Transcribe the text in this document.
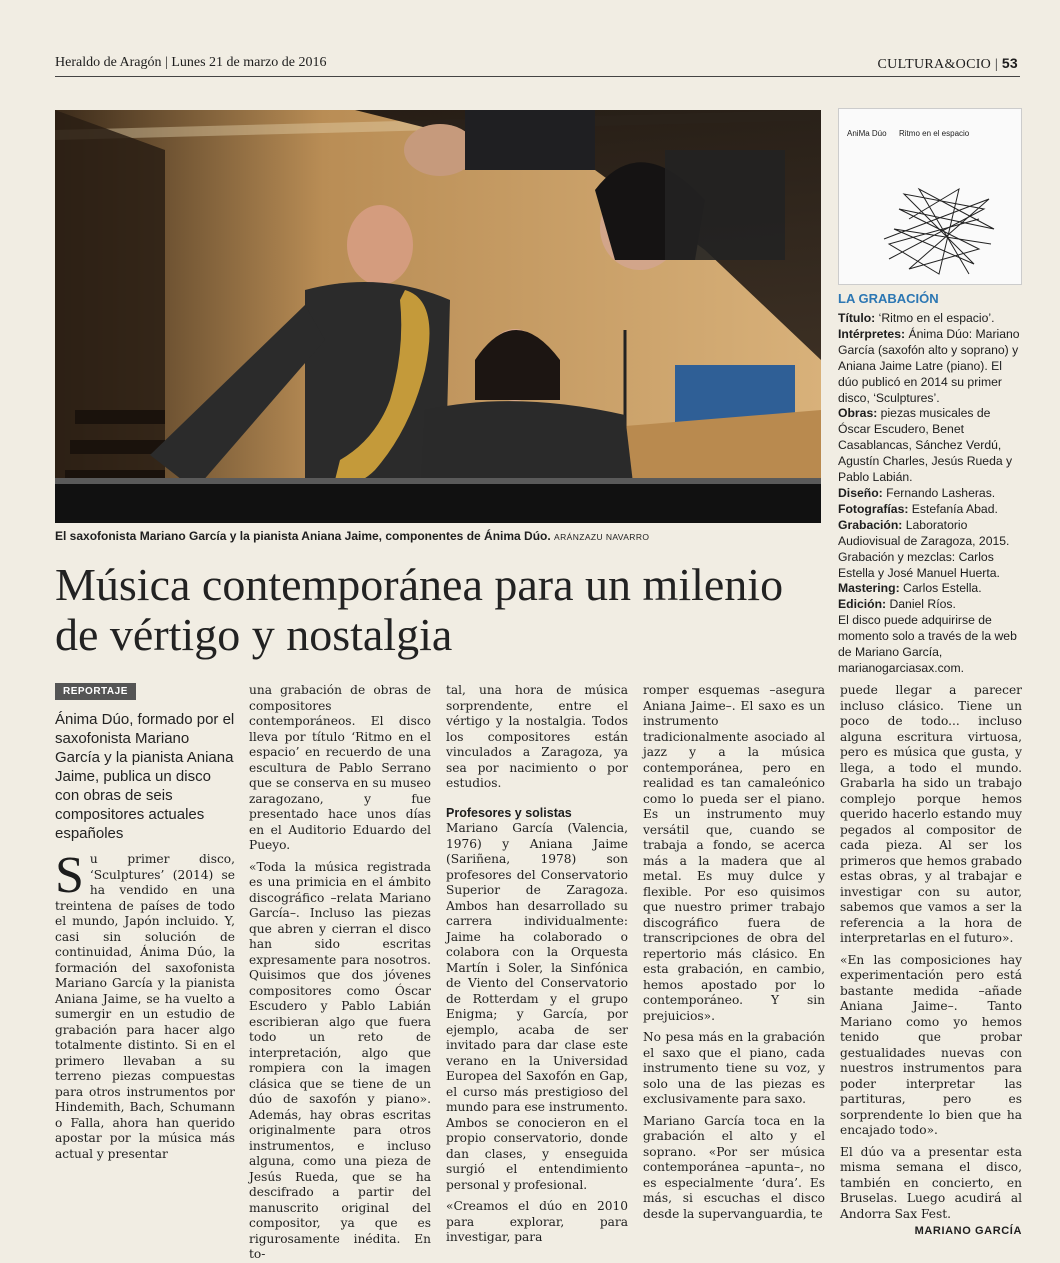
Heraldo de Aragón | Lunes 21 de marzo de 2016	CULTURA&OCIO | 53
El saxofonista Mariano García y la pianista Aniana Jaime, componentes de Ánima Dúo. ARÁNZAZU NAVARRO
Música contemporánea para un milenio de vértigo y nostalgia
AniMa Dúo Ritmo en el espacio
LA GRABACIÓN

Título: ‘Ritmo en el espacio’.

Intérpretes: Ánima Dúo: Mariano García (saxofón alto y soprano) y Aniana Jaime Latre (piano). El dúo publicó en 2014 su primer disco, ‘Sculptures’.

Obras: piezas musicales de Óscar Escudero, Benet Casablancas, Sánchez Verdú, Agustín Charles, Jesús Rueda y Pablo Labián.

Diseño: Fernando Lasheras.

Fotografías: Estefanía Abad.

Grabación: Laboratorio Audiovisual de Zaragoza, 2015. Grabación y mezclas: Carlos Estella y José Manuel Huerta.

Mastering: Carlos Estella.

Edición: Daniel Ríos.

El disco puede adquirirse de momento solo a través de la web de Mariano García, marianogarciasax.com.

REPORTAJE
Ánima Dúo, formado por el saxofonista Mariano García y la pianista Aniana Jaime, publica un disco con obras de seis compositores actuales españoles

Su primer disco, ‘Sculptures’ (2014) se ha vendido en una treintena de países de todo el mundo, Japón incluido. Y, casi sin solución de continuidad, Ánima Dúo, la formación del saxofonista Mariano García y la pianista Aniana Jaime, se ha vuelto a sumergir en un estudio de grabación para hacer algo totalmente distinto. Si en el primero llevaban a su terreno piezas compuestas para otros instrumentos por Hindemith, Bach, Schumann o Falla, ahora han querido apostar por la música más actual y presentar

una grabación de obras de compositores contemporáneos. El disco lleva por título ‘Ritmo en el espacio’ en recuerdo de una escultura de Pablo Serrano que se conserva en su museo zaragozano, y fue presentado hace unos días en el Auditorio Eduardo del Pueyo.

«Toda la música registrada es una primicia en el ámbito discográfico –relata Mariano García–. Incluso las piezas que abren y cierran el disco han sido escritas expresamente para nosotros. Quisimos que dos jóvenes compositores como Óscar Escudero y Pablo Labián escribieran algo que fuera todo un reto de interpretación, algo que rompiera con la imagen clásica que se tiene de un dúo de saxofón y piano». Además, hay obras escritas originalmente para otros instrumentos, e incluso alguna, como una pieza de Jesús Rueda, que se ha descifrado a partir del manuscrito original del compositor, ya que es rigurosamente inédita. En to-

tal, una hora de música sorprendente, entre el vértigo y la nostalgia. Todos los compositores están vinculados a Zaragoza, ya sea por nacimiento o por estudios.

Profesores y solistas

Mariano García (Valencia, 1976) y Aniana Jaime (Sariñena, 1978) son profesores del Conservatorio Superior de Zaragoza. Ambos han desarrollado su carrera individualmente: Jaime ha colaborado o colabora con la Orquesta Martín i Soler, la Sinfónica de Viento del Conservatorio de Rotterdam y el grupo Enigma; y García, por ejemplo, acaba de ser invitado para dar clase este verano en la Universidad Europea del Saxofón en Gap, el curso más prestigioso del mundo para ese instrumento. Ambos se conocieron en el propio conservatorio, donde dan clases, y enseguida surgió el entendimiento personal y profesional.

«Creamos el dúo en 2010 para explorar, para investigar, para

romper esquemas –asegura Aniana Jaime–. El saxo es un instrumento tradicionalmente asociado al jazz y a la música contemporánea, pero en realidad es tan camaleónico como lo pueda ser el piano. Es un instrumento muy versátil que, cuando se trabaja a fondo, se acerca más a la madera que al metal. Es muy dulce y flexible. Por eso quisimos que nuestro primer trabajo discográfico fuera de transcripciones de obra del repertorio más clásico. En esta grabación, en cambio, hemos apostado por lo contemporáneo. Y sin prejuicios».

No pesa más en la grabación el saxo que el piano, cada instrumento tiene su voz, y solo una de las piezas es exclusivamente para saxo.

Mariano García toca en la grabación el alto y el soprano. «Por ser música contemporánea –apunta–, no es especialmente ‘dura’. Es más, si escuchas el disco desde la supervanguardia, te

puede llegar a parecer incluso clásico. Tiene un poco de todo... incluso alguna escritura virtuosa, pero es música que gusta, y llega, a todo el mundo. Grabarla ha sido un trabajo complejo porque hemos querido hacerlo estando muy pegados al compositor de cada pieza. Al ser los primeros que hemos grabado estas obras, y al trabajar e investigar con su autor, sabemos que vamos a ser la referencia a la hora de interpretarlas en el futuro».

«En las composiciones hay experimentación pero está bastante medida –añade Aniana Jaime–. Tanto Mariano como yo hemos tenido que probar gestualidades nuevas con nuestros instrumentos para poder interpretar las partituras, pero es sorprendente lo bien que ha encajado todo».

El dúo va a presentar esta misma semana el disco, también en concierto, en Bruselas. Luego acudirá al Andorra Sax Fest.

MARIANO GARCÍA
